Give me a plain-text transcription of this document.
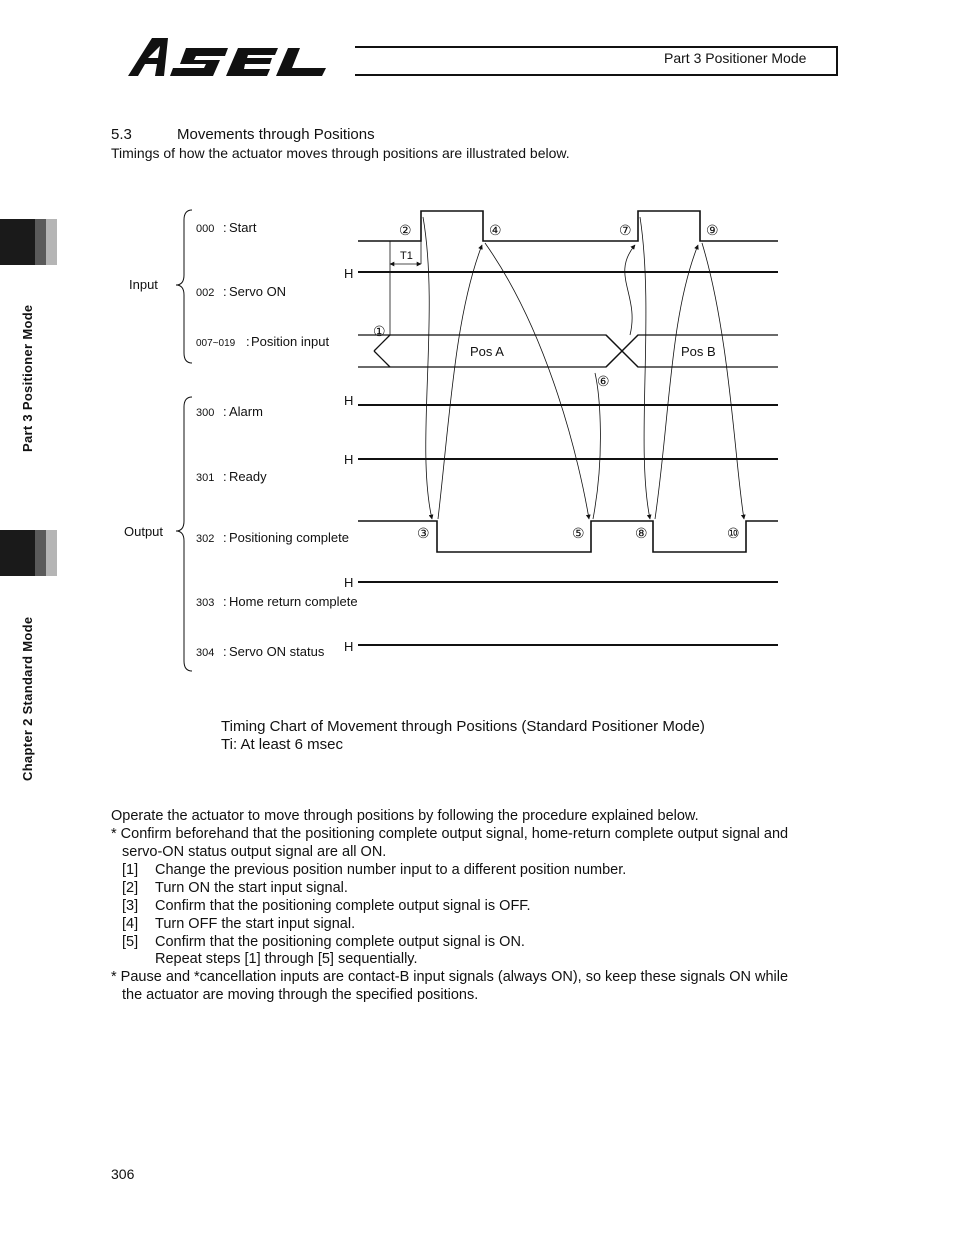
Part 3 Positioner Mode
Part 3 Positioner Mode
Chapter 2 Standard Mode
5.3	Movements through Positions
Timings of how the actuator moves through positions are illustrated below.
Input
Output
000 Start
002 Servo ON
007~019 Position input
300 Alarm
301 Ready
302 Positioning complete
303 Home return complete
304 Servo ON status
:
:
:
:
:
:
:
:
H
H
H
H
H
T1
Pos A	Pos B
①
②
③
④
⑤
⑥
⑦
⑧
⑨
⑩
Timing Chart of Movement through Positions (Standard Positioner Mode)
Ti: At least 6 msec
Operate the actuator to move through positions by following the procedure explained below.
* Confirm beforehand that the positioning complete output signal, home-return complete output signal and
servo-ON status output signal are all ON.
[1] Change the previous position number input to a different position number.
[2] Turn ON the start input signal.
[3] Confirm that the positioning complete output signal is OFF.
[4] Turn OFF the start input signal.
[5] Confirm that the positioning complete output signal is ON.
Repeat steps [1] through [5] sequentially.
* Pause and *cancellation inputs are contact-B input signals (always ON), so keep these signals ON while
the actuator are moving through the specified positions.
306
